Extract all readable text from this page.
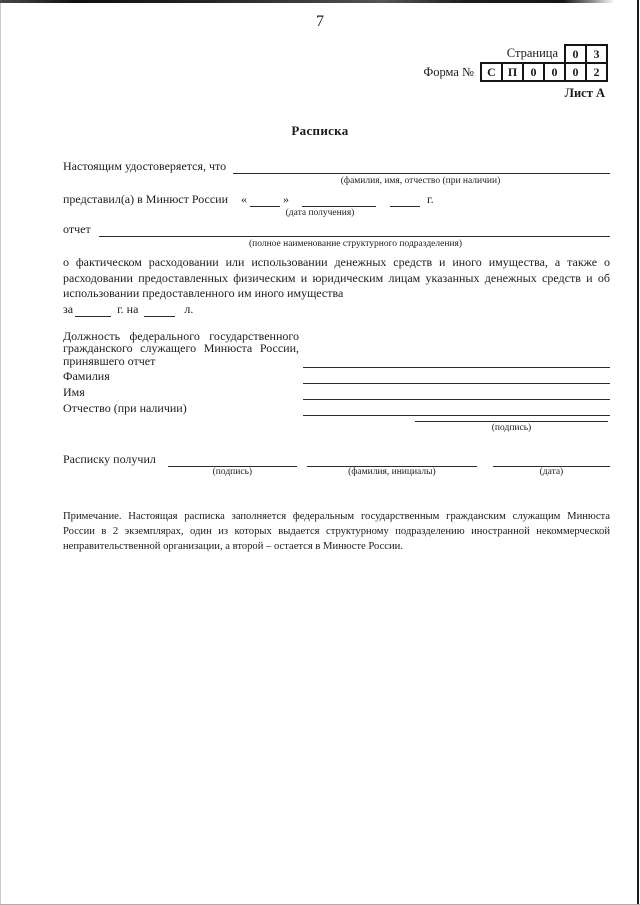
7
Страница					0	3
Форма №	С	П	0	0	0	2
Лист А						
Расписка
Настоящим удостоверяется, что
(фамилия, имя, отчество (при наличии)
представил(а) в Минюст России «	»	г.
(дата получения)
отчет
(полное наименование структурного подразделения)
о фактическом расходовании или использовании денежных средств и иного имущества, а также о расходовании предоставленных физическим и юридическим лицам указанных денежных средств и об использовании предоставленного им иного имущества
за	г. на	л.
Должность федерального государственного гражданского служащего Минюста России, принявшего отчет
Фамилия
Имя
Отчество (при наличии)
(подпись)
Расписку получил
(подпись)	(фамилия, инициалы)	(дата)
Примечание. Настоящая расписка заполняется федеральным государственным гражданским служащим Минюста России в 2 экземплярах, один из которых выдается структурному подразделению иностранной некоммерческой неправительственной организации, а второй – остается в Минюсте России.
